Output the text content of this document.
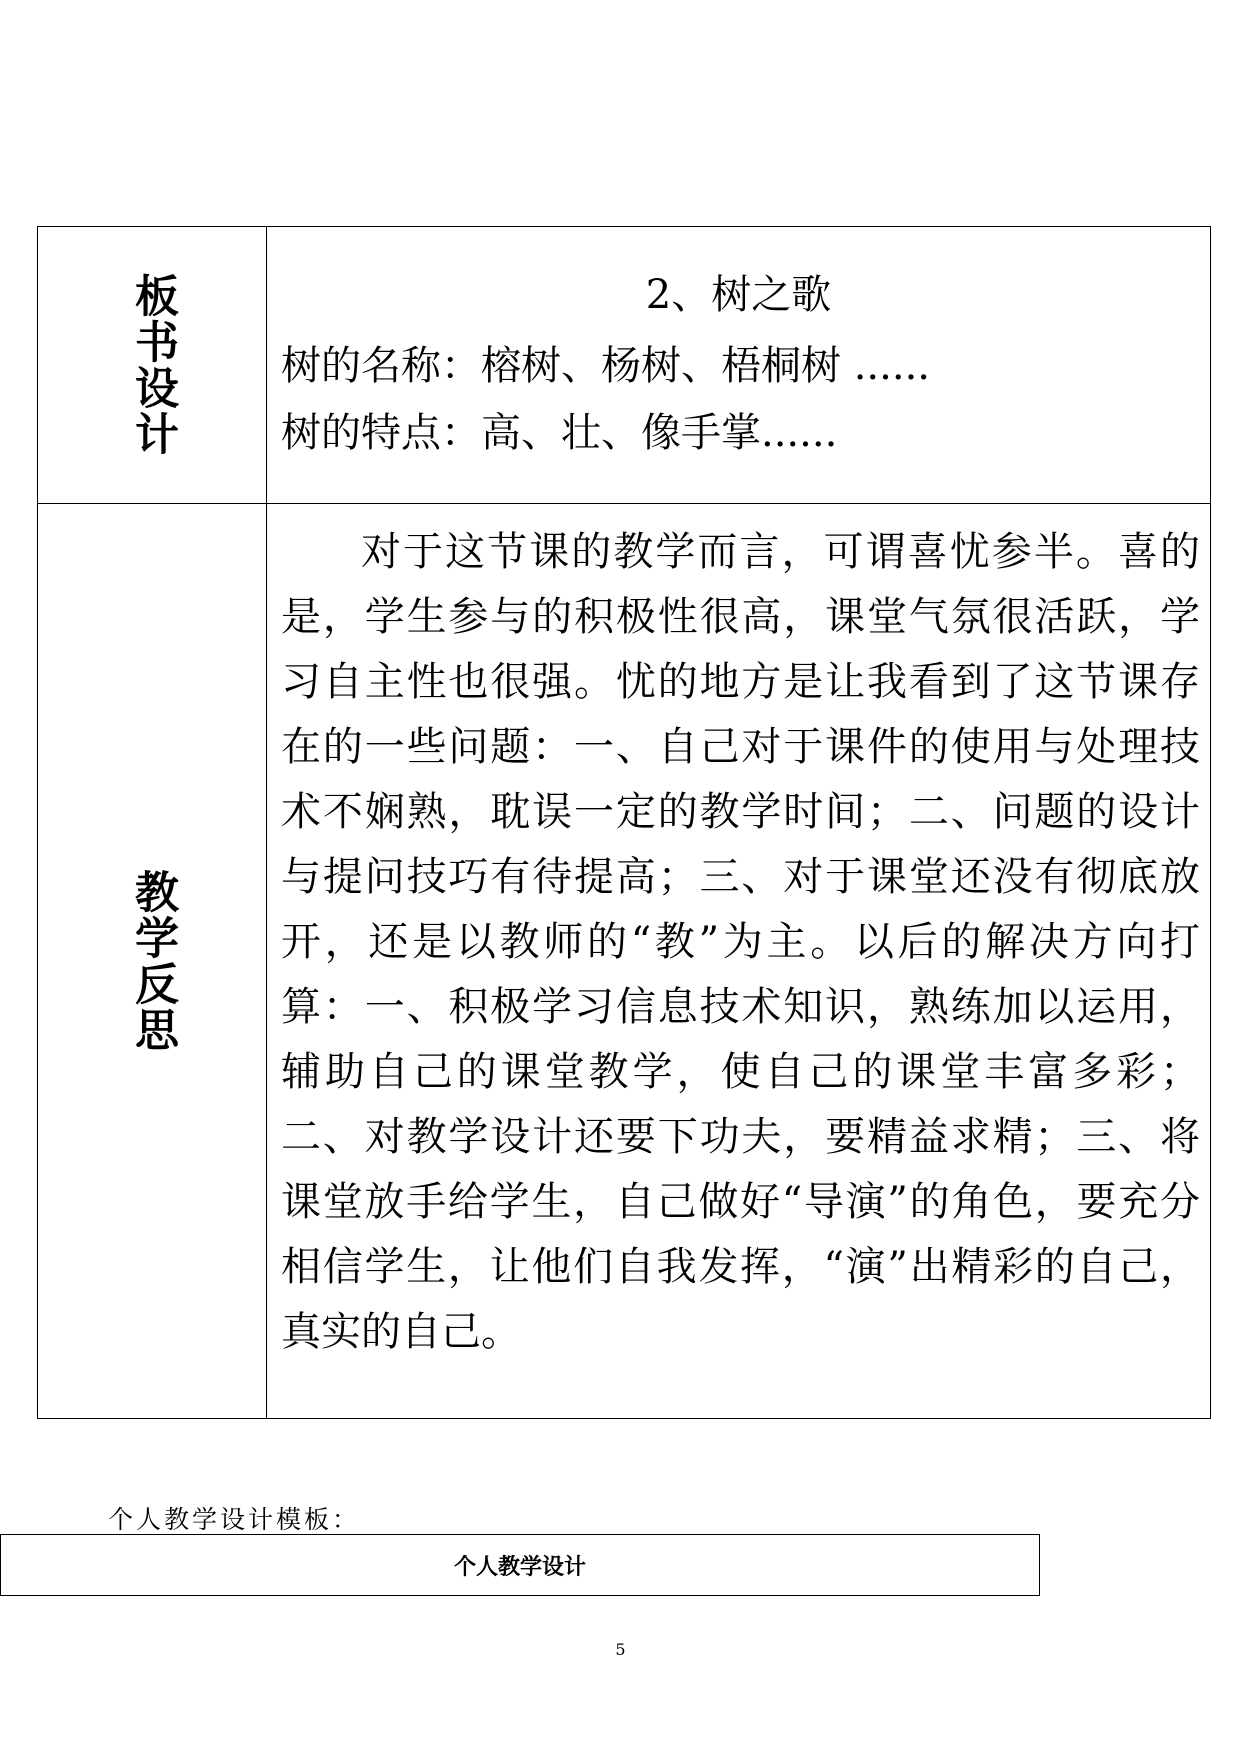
板书设计	2、树之歌
树的名称：榕树、杨树、梧桐树 ......
树的特点：高、壮、像手掌......
教学反思
对于这节课的教学而言，可谓喜忧参半。喜的是，学生参与的积极性很高，课堂气氛很活跃，学习自主性也很强。忧的地方是让我看到了这节课存在的一些问题：一、自己对于课件的使用与处理技术不娴熟，耽误一定的教学时间；二、问题的设计与提问技巧有待提高；三、对于课堂还没有彻底放开，还是以教师的“教”为主。以后的解决方向打算：一、积极学习信息技术知识，熟练加以运用，辅助自己的课堂教学，使自己的课堂丰富多彩；二、对教学设计还要下功夫，要精益求精；三、将课堂放手给学生，自己做好“导演”的角色，要充分相信学生，让他们自我发挥，“演”出精彩的自己，真实的自己。
个人教学设计模板：
个人教学设计
5
